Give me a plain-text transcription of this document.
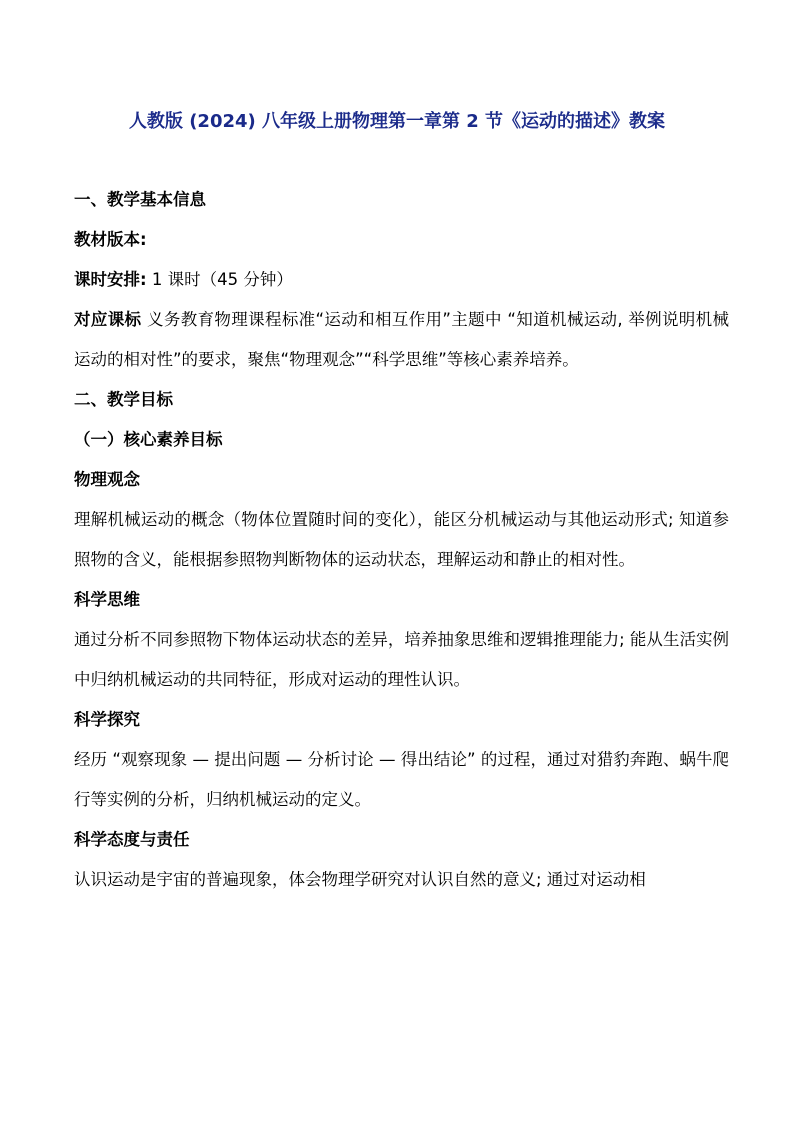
人教版 (2024) 八年级上册物理第一章第 2 节《运动的描述》教案

一、教学基本信息

教材版本:

课时安排: 1 课时（45 分钟）

对应课标 义务教育物理课程标准“运动和相互作用”主题中 “知道机械运动, 举例说明机械运动的相对性”的要求，聚焦“物理观念”“科学思维”等核心素养培养。

二、教学目标

（一）核心素养目标

物理观念

理解机械运动的概念（物体位置随时间的变化），能区分机械运动与其他运动形式; 知道参照物的含义，能根据参照物判断物体的运动状态，理解运动和静止的相对性。

科学思维

通过分析不同参照物下物体运动状态的差异，培养抽象思维和逻辑推理能力; 能从生活实例中归纳机械运动的共同特征，形成对运动的理性认识。

科学探究

经历 “观察现象 — 提出问题 — 分析讨论 — 得出结论” 的过程，通过对猎豹奔跑、蜗牛爬行等实例的分析，归纳机械运动的定义。

科学态度与责任

认识运动是宇宙的普遍现象，体会物理学研究对认识自然的意义; 通过对运动相
